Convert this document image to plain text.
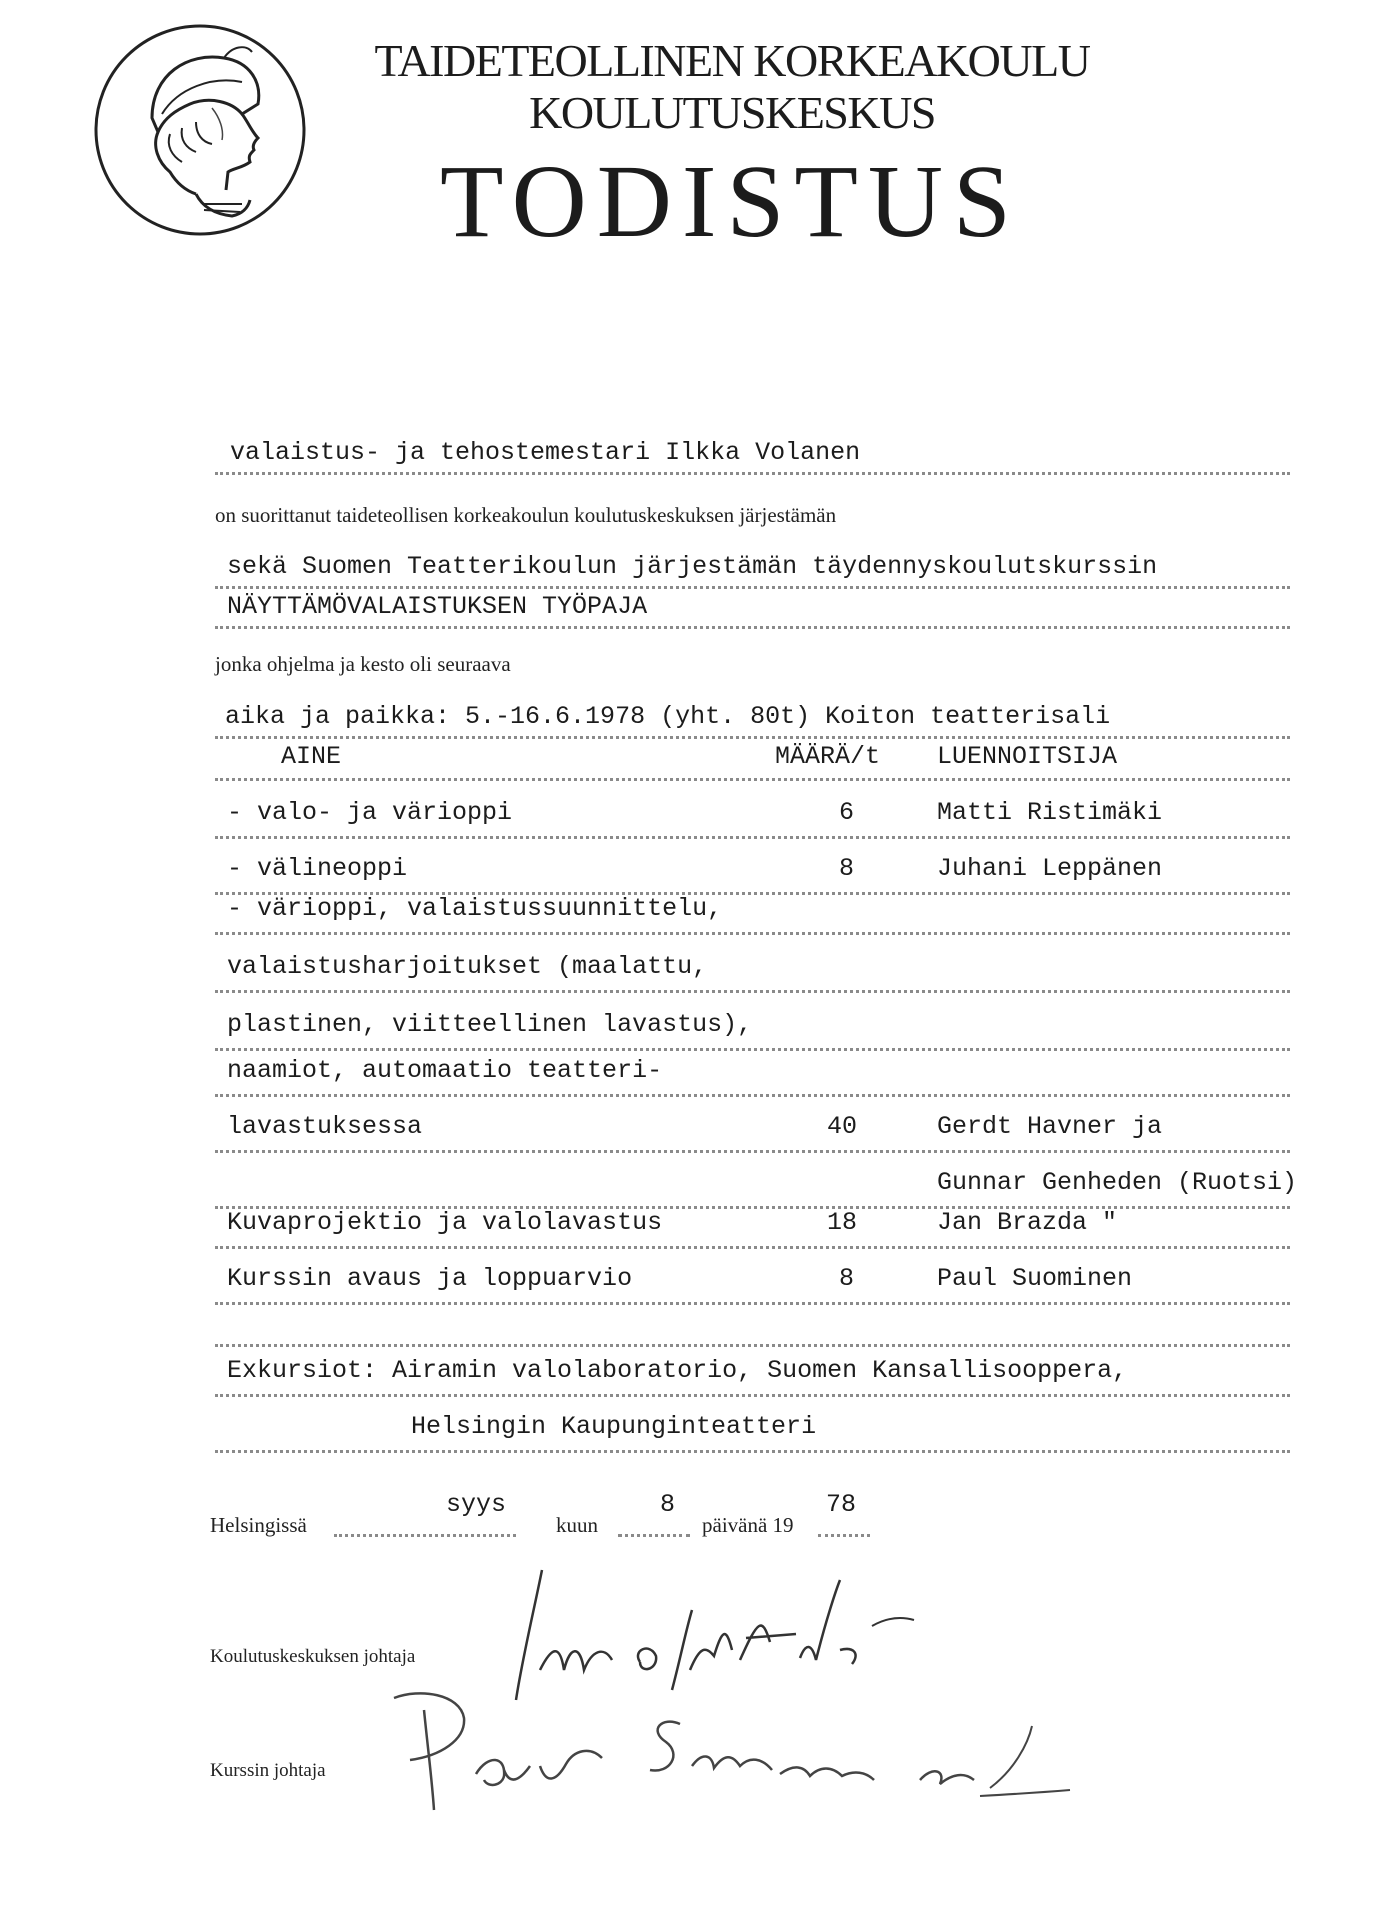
TAIDETEOLLINEN KORKEAKOULU
KOULUTUSKESKUS
TODISTUS
valaistus- ja tehostemestari Ilkka Volanen
on suorittanut taideteollisen korkeakoulun koulutuskeskuksen järjestämän
sekä Suomen Teatterikoulun järjestämän täydennyskoulutskurssin
NÄYTTÄMÖVALAISTUKSEN TYÖPAJA
jonka ohjelma ja kesto oli seuraava
aika ja paikka: 5.-16.6.1978 (yht. 80t) Koiton teatterisali
AINE	MÄÄRÄ/t LUENNOITSIJA
- valo- ja värioppi	6	Matti Ristimäki
- välineoppi	8	Juhani Leppänen
- värioppi, valaistussuunnittelu,
valaistusharjoitukset (maalattu,
plastinen, viitteellinen lavastus),
naamiot, automaatio teatteri-
lavastuksessa	40	Gerdt Havner ja
Gunnar Genheden (Ruotsi)
Kuvaprojektio ja valolavastus	18	Jan Brazda "
Kurssin avaus ja loppuarvio	8	Paul Suominen
Exkursiot: Airamin valolaboratorio, Suomen Kansallisooppera,
Helsingin Kaupunginteatteri
Helsingissä
syys
kuun
8
päivänä 19
78
Koulutuskeskuksen johtaja
Kurssin johtaja
